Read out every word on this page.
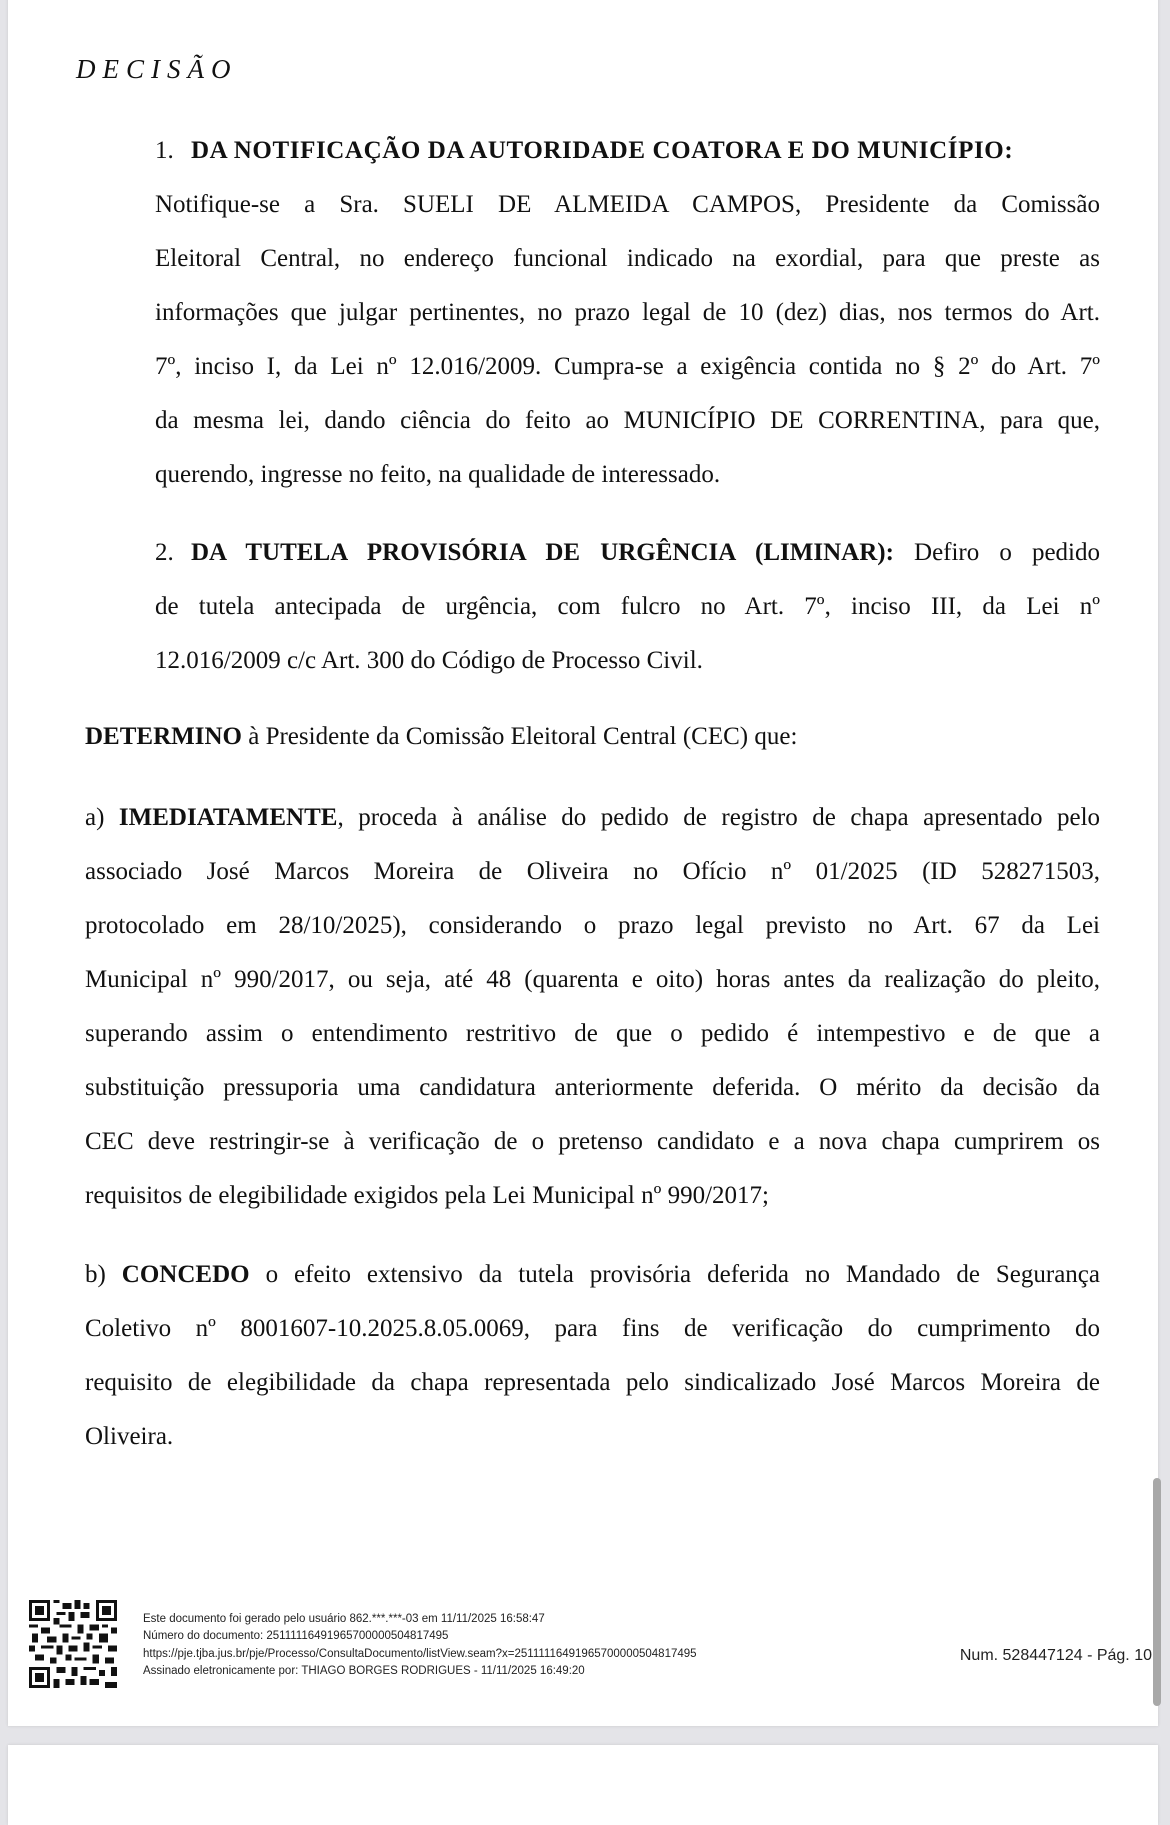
DECISÃO
1. DA NOTIFICAÇÃO DA AUTORIDADE COATORA E DO MUNICÍPIO:
Notifique-se a Sra. SUELI DE ALMEIDA CAMPOS, Presidente da Comissão
Eleitoral Central, no endereço funcional indicado na exordial, para que preste as
informações que julgar pertinentes, no prazo legal de 10 (dez) dias, nos termos do Art.
7º, inciso I, da Lei nº 12.016/2009. Cumpra-se a exigência contida no § 2º do Art. 7º
da mesma lei, dando ciência do feito ao MUNICÍPIO DE CORRENTINA, para que,
querendo, ingresse no feito, na qualidade de interessado.
2. DA TUTELA PROVISÓRIA DE URGÊNCIA (LIMINAR): Defiro o pedido
de tutela antecipada de urgência, com fulcro no Art. 7º, inciso III, da Lei nº
12.016/2009 c/c Art. 300 do Código de Processo Civil.
DETERMINO à Presidente da Comissão Eleitoral Central (CEC) que:
a) IMEDIATAMENTE, proceda à análise do pedido de registro de chapa apresentado pelo
associado José Marcos Moreira de Oliveira no Ofício nº 01/2025 (ID 528271503,
protocolado em 28/10/2025), considerando o prazo legal previsto no Art. 67 da Lei
Municipal nº 990/2017, ou seja, até 48 (quarenta e oito) horas antes da realização do pleito,
superando assim o entendimento restritivo de que o pedido é intempestivo e de que a
substituição pressuporia uma candidatura anteriormente deferida. O mérito da decisão da
CEC deve restringir-se à verificação de o pretenso candidato e a nova chapa cumprirem os
requisitos de elegibilidade exigidos pela Lei Municipal nº 990/2017;
b) CONCEDO o efeito extensivo da tutela provisória deferida no Mandado de Segurança
Coletivo nº 8001607-10.2025.8.05.0069, para fins de verificação do cumprimento do
requisito de elegibilidade da chapa representada pelo sindicalizado José Marcos Moreira de
Oliveira.
Este documento foi gerado pelo usuário 862.***.***-03 em 11/11/2025 16:58:47
Número do documento: 25111116491965700000504817495
https://pje.tjba.jus.br/pje/Processo/ConsultaDocumento/listView.seam?x=25111116491965700000504817495
Assinado eletronicamente por: THIAGO BORGES RODRIGUES - 11/11/2025 16:49:20
Num. 528447124 - Pág. 10
